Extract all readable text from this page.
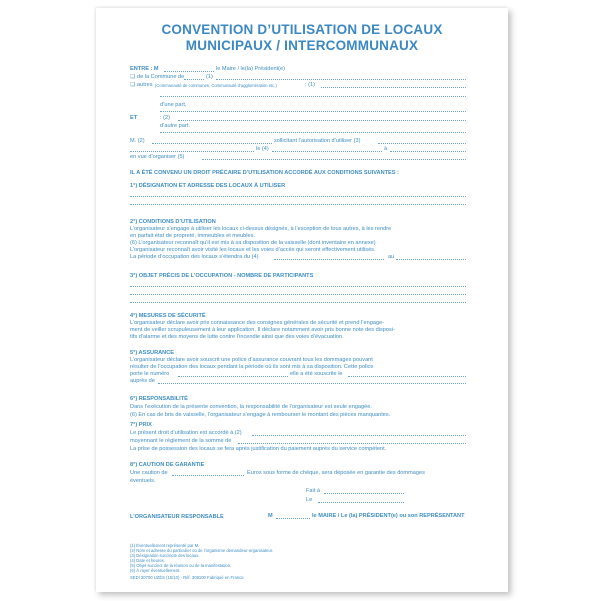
CONVENTION D’UTILISATION DE LOCAUX
MUNICIPAUX / INTERCOMMUNAUX
ENTRE : M	le Maire / le(la) Président(e)
❑ de la Commune de	(1)
❑ autres (Communauté de communes, Communauté d’agglomération etc.)	: (1)
d’une part,
ET	: (2)
d’autre part.
M. (2)	sollicitant l’autorisation d’utiliser (3)
le (4)	à
en vue d’organiser (5)
IL A ÉTÉ CONVENU UN DROIT PRÉCAIRE D’UTILISATION ACCORDÉ AUX CONDITIONS SUIVANTES :
1°) DÉSIGNATION ET ADRESSE DES LOCAUX À UTILISER
2°) CONDITIONS D’UTILISATION
L’organisateur s’engage à utiliser les locaux ci-dessus désignés, à l’exception de tous autres, à les rendre
en parfait état de propreté, immeubles et meubles.
(6) L’organisateur reconnaît qu’il est mis à sa disposition de la vaisselle (dont inventaire en annexe)
L’organisateur reconnaît avoir visité les locaux et les voies d’accès qui seront effectivement utilisés.
La période d’occupation des locaux s’étendra du (4)	au
3°) OBJET PRÉCIS DE L’OCCUPATION - NOMBRE DE PARTICIPANTS
4°) MESURES DE SÉCURITÉ
L’organisateur déclare avoir pris connaissance des consignes générales de sécurité et prend l’engage-
ment de veiller scrupuleusement à leur application. Il déclare notamment avoir pris bonne note des disposi-
tifs d’alarme et des moyens de lutte contre l’incendie ainsi que des voies d’évacuation.
5°) ASSURANCE
L’organisateur déclare avoir souscrit une police d’assurance couvrant tous les dommages pouvant
résulter de l’occupation des locaux pendant la période où ils sont mis à sa disposition. Cette police
porte le numéro	elle a été souscrite le
auprès de
6°) RESPONSABILITÉ
Dans l’exécution de la présente convention, la responsabilité de l’organisateur est seule engagée.
(6) En cas de bris de vaisselle, l’organisateur s’engage à rembourser le montant des pièces manquantes.
7°) PRIX
Le présent droit d’utilisation est accordé à (2)
moyennant le règlement de la somme de
La prise de possession des locaux se fera après justification du paiement auprès du service compétent.
8°) CAUTION DE GARANTIE
Une caution de	Euros sous forme de chèque, sera déposée en garantie des dommages
éventuels.
Fait à
Le
L’ORGANISATEUR RESPONSABLE	M	le MAIRE / Le (la) PRÉSIDENT(e) ou son REPRÉSENTANT
(1) Éventuellement représenté par M.
(2) Nom et adresse du particulier ou de l’organisme demandeur-organisateur.
(3) Désignation succincte des locaux.
(4) Date et heures.
(5) Objet succinct de la réunion ou de la manifestation.
(6) À rayer éventuellement.
SEDI 30700 UZÈS (15/10) - Réf. 308100 Fabriqué en France
